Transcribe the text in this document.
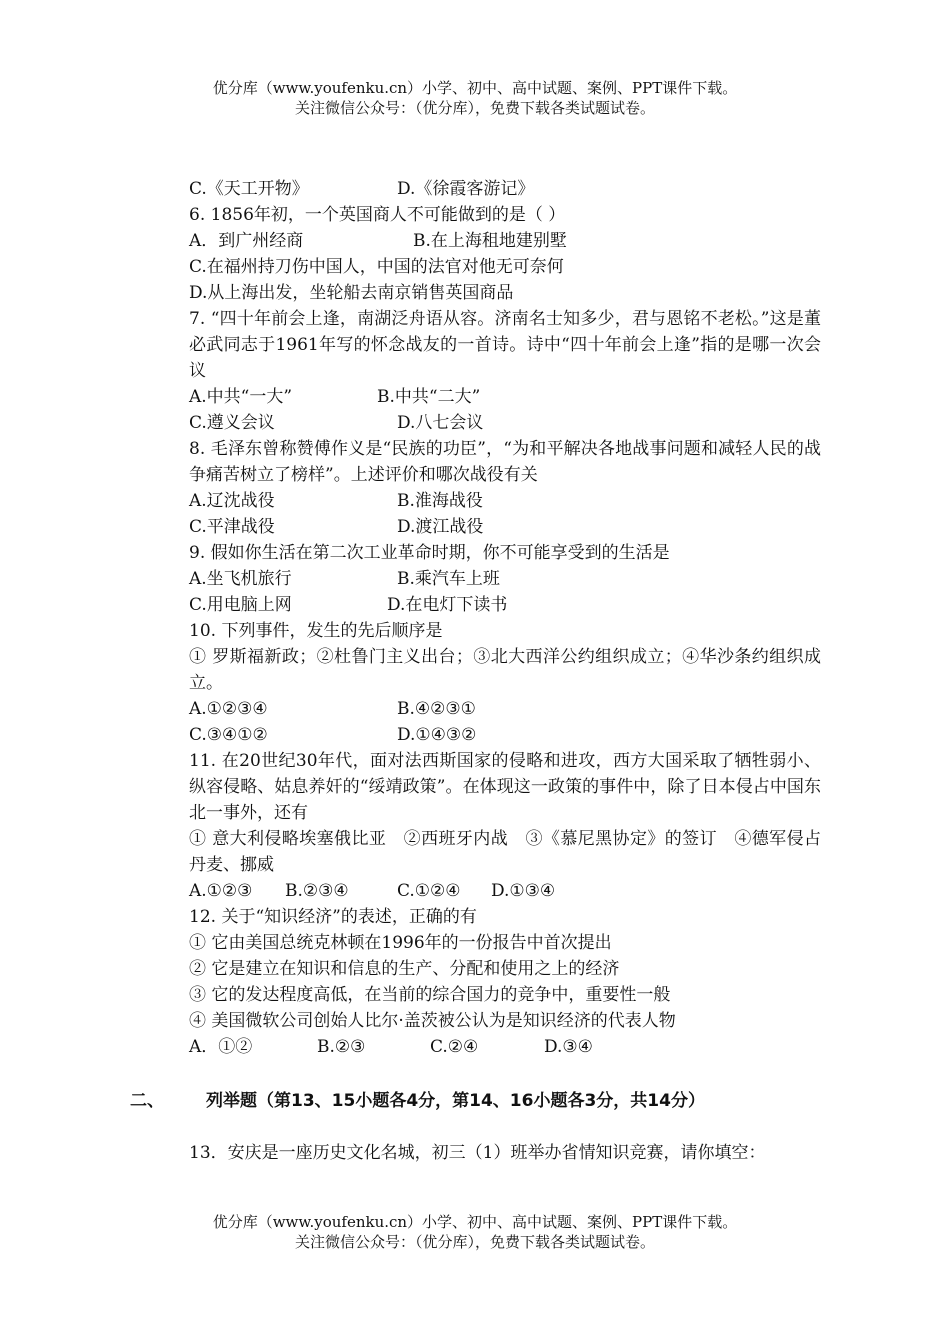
优分库（www.youfenku.cn）小学、初中、高中试题、案例、PPT课件下载。
关注微信公众号：（优分库），免费下载各类试题试卷。
C.《天工开物》	D.《徐霞客游记》
6. 1856年初，一个英国商人不可能做到的是（ ）
A．到广州经商	B.在上海租地建别墅
C.在福州持刀伤中国人，中国的法官对他无可奈何
D.从上海出发，坐轮船去南京销售英国商品
7. “四十年前会上逢，南湖泛舟语从容。济南名士知多少，君与恩铭不老松。”这是董必武同志于1961年写的怀念战友的一首诗。诗中“四十年前会上逢”指的是哪一次会议
A.中共“一大”	B.中共“二大”
C.遵义会议	D.八七会议
8. 毛泽东曾称赞傅作义是“民族的功臣”，“为和平解决各地战事问题和减轻人民的战争痛苦树立了榜样”。上述评价和哪次战役有关
A.辽沈战役	B.淮海战役
C.平津战役	D.渡江战役
9. 假如你生活在第二次工业革命时期，你不可能享受到的生活是
A.坐飞机旅行	B.乘汽车上班
C.用电脑上网	D.在电灯下读书
10. 下列事件，发生的先后顺序是
① 罗斯福新政；②杜鲁门主义出台；③北大西洋公约组织成立；④华沙条约组织成立。
A.①②③④	B.④②③①
C.③④①②	D.①④③②
11. 在20世纪30年代，面对法西斯国家的侵略和进攻，西方大国采取了牺牲弱小、纵容侵略、姑息养奸的“绥靖政策”。在体现这一政策的事件中，除了日本侵占中国东北一事外，还有
① 意大利侵略埃塞俄比亚　②西班牙内战　③《慕尼黑协定》的签订　④德军侵占丹麦、挪威
A.①②③ B.②③④	C.①②④ D.①③④
12. 关于“知识经济”的表述，正确的有
① 它由美国总统克林顿在1996年的一份报告中首次提出
② 它是建立在知识和信息的生产、分配和使用之上的经济
③ 它的发达程度高低，在当前的综合国力的竞争中，重要性一般
④ 美国微软公司创始人比尔·盖茨被公认为是知识经济的代表人物
A．①②	B.②③	C.②④	D.③④
二、 列举题（第13、15小题各4分，第14、16小题各3分，共14分）
13．安庆是一座历史文化名城，初三（1）班举办省情知识竞赛，请你填空：
优分库（www.youfenku.cn）小学、初中、高中试题、案例、PPT课件下载。
关注微信公众号：（优分库），免费下载各类试题试卷。
